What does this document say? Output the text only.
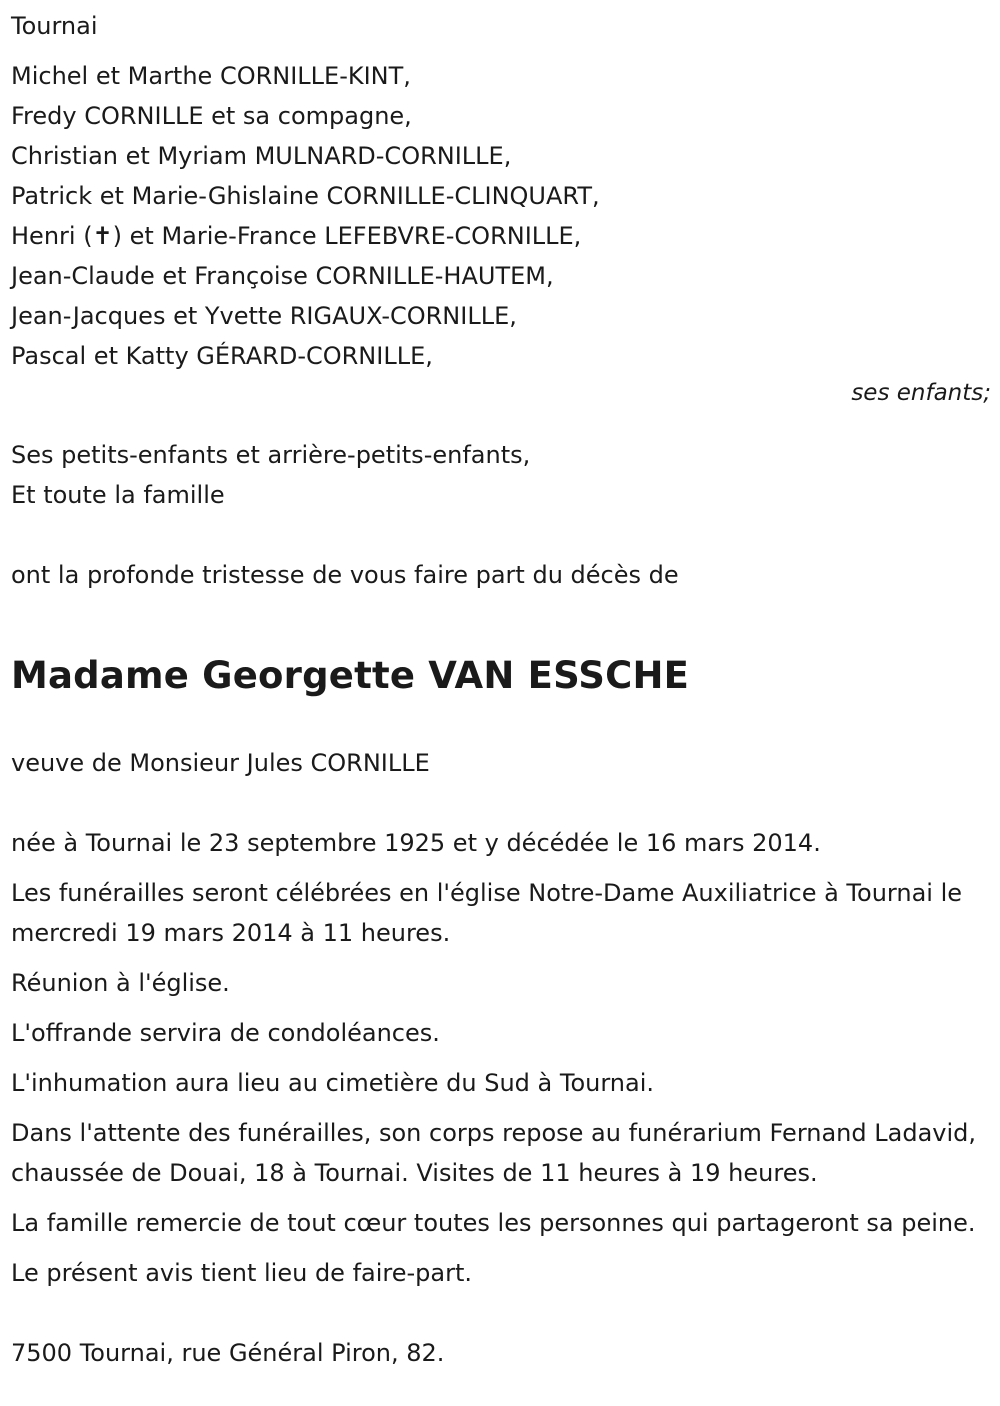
Tournai

Michel et Marthe CORNILLE-KINT,

Fredy CORNILLE et sa compagne,

Christian et Myriam MULNARD-CORNILLE,

Patrick et Marie-Ghislaine CORNILLE-CLINQUART,

Henri (✝) et Marie-France LEFEBVRE-CORNILLE,

Jean-Claude et Françoise CORNILLE-HAUTEM,

Jean-Jacques et Yvette RIGAUX-CORNILLE,

Pascal et Katty GÉRARD-CORNILLE,

ses enfants;

Ses petits-enfants et arrière-petits-enfants,

Et toute la famille

ont la profonde tristesse de vous faire part du décès de

Madame Georgette VAN ESSCHE

veuve de Monsieur Jules CORNILLE

née à Tournai le 23 septembre 1925 et y décédée le 16 mars 2014.

Les funérailles seront célébrées en l'église Notre-Dame Auxiliatrice à Tournai le mercredi 19 mars 2014 à 11 heures.

Réunion à l'église.

L'offrande servira de condoléances.

L'inhumation aura lieu au cimetière du Sud à Tournai.

Dans l'attente des funérailles, son corps repose au funérarium Fernand Ladavid, chaussée de Douai, 18 à Tournai. Visites de 11 heures à 19 heures.

La famille remercie de tout cœur toutes les personnes qui partageront sa peine.

Le présent avis tient lieu de faire-part.

7500 Tournai, rue Général Piron, 82.
